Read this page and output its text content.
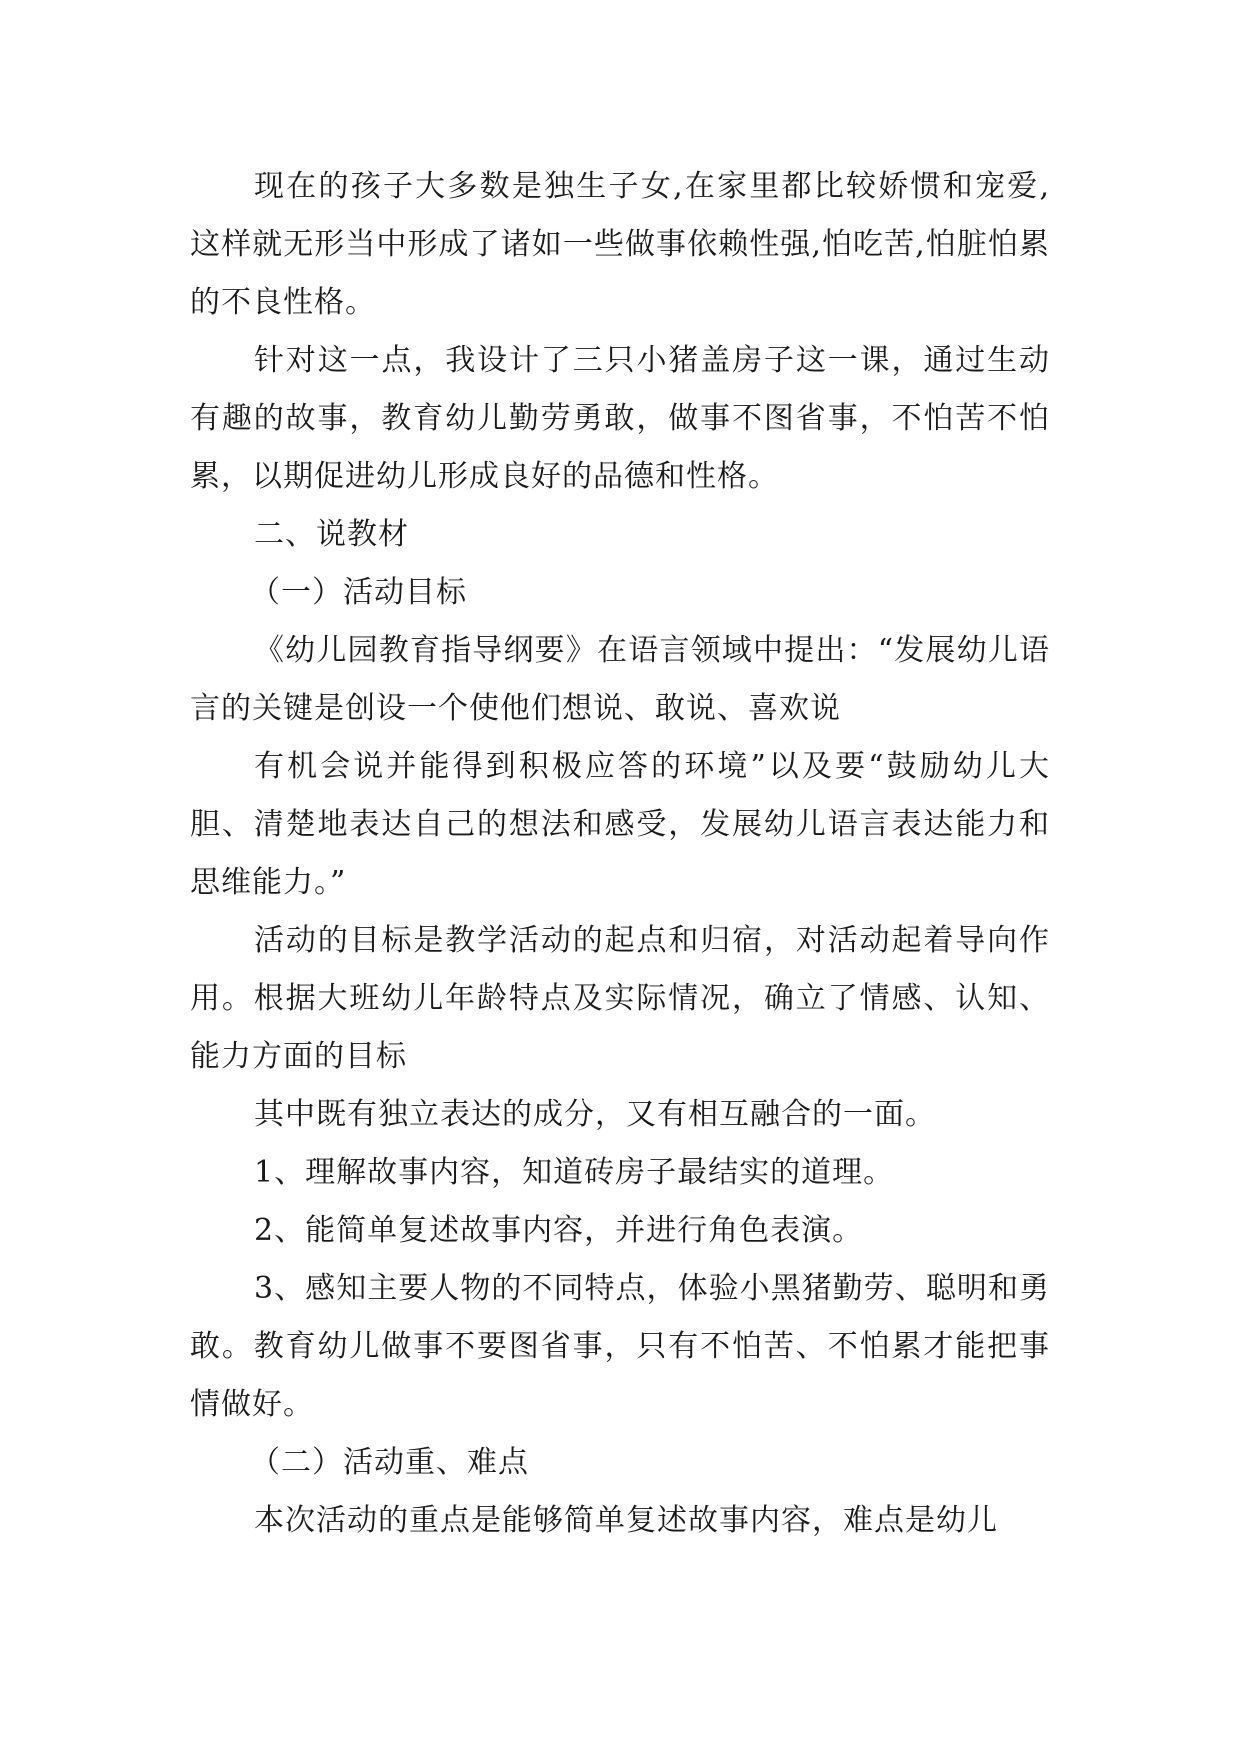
现在的孩子大多数是独生子女,在家里都比较娇惯和宠爱,这样就无形当中形成了诸如一些做事依赖性强,怕吃苦,怕脏怕累的不良性格。

针对这一点，我设计了三只小猪盖房子这一课，通过生动有趣的故事，教育幼儿勤劳勇敢，做事不图省事，不怕苦不怕累，以期促进幼儿形成良好的品德和性格。

二、说教材

（一）活动目标

《幼儿园教育指导纲要》在语言领域中提出：“发展幼儿语言的关键是创设一个使他们想说、敢说、喜欢说

有机会说并能得到积极应答的环境”以及要“鼓励幼儿大胆、清楚地表达自己的想法和感受，发展幼儿语言表达能力和思维能力。”

活动的目标是教学活动的起点和归宿，对活动起着导向作用。根据大班幼儿年龄特点及实际情况，确立了情感、认知、能力方面的目标

其中既有独立表达的成分，又有相互融合的一面。

1、理解故事内容，知道砖房子最结实的道理。

2、能简单复述故事内容，并进行角色表演。

3、感知主要人物的不同特点，体验小黑猪勤劳、聪明和勇敢。教育幼儿做事不要图省事，只有不怕苦、不怕累才能把事情做好。

（二）活动重、难点

本次活动的重点是能够简单复述故事内容，难点是幼儿
